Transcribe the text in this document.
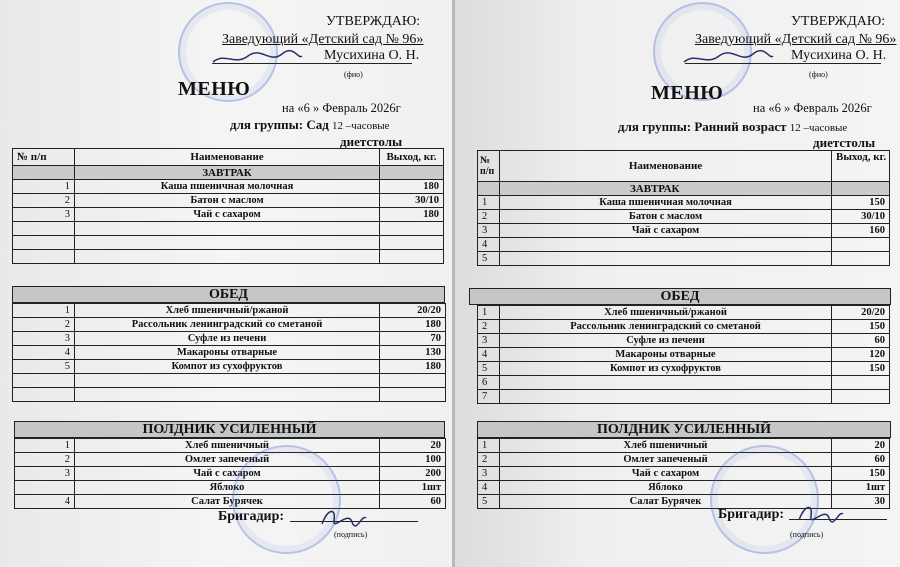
УТВЕРЖДАЮ:
Заведующий «Детский сад № 96»
Мусихина О. Н.
(фио)
МЕНЮ
на «6 » Февраль 2026г
для группы: Сад 12 –часовые
диетстолы
№ п/п	Наименование	Выход, кг.
	ЗАВТРАК	
1	Каша пшеничная молочная	180
2	Батон с маслом	30/10
3	Чай с сахаром	180

ОБЕД
1	Хлеб пшеничный/ржаной	20/20
2	Рассольник ленинградский со сметаной	180
3	Суфле из печени	70
4	Макароны отварные	130
5	Компот из сухофруктов	180

ПОЛДНИК УСИЛЕННЫЙ
1	Хлеб пшеничный	20
2	Омлет запеченый	100
3	Чай с сахаром	200
	Яблоко	1шт
4	Салат Бурячек	60
Бригадир:
(подпись)
УТВЕРЖДАЮ:
Заведующий «Детский сад № 96»
Мусихина О. Н.
(фио)
МЕНЮ
на «6 » Февраль 2026г
для группы: Ранний возраст 12 –часовые
диетстолы
№ п/п	Наименование	Выход, кг.
	ЗАВТРАК	
1	Каша пшеничная молочная	150
2	Батон с маслом	30/10
3	Чай с сахаром	160
4		
5		
ОБЕД
1	Хлеб пшеничный/ржаной	20/20
2	Рассольник ленинградский со сметаной	150
3	Суфле из печени	60
4	Макароны отварные	120
5	Компот из сухофруктов	150
6		
7		
ПОЛДНИК УСИЛЕННЫЙ
1	Хлеб пшеничный	20
2	Омлет запеченый	60
3	Чай с сахаром	150
4	Яблоко	1шт
5	Салат Бурячек	30
Бригадир:
(подпись)
